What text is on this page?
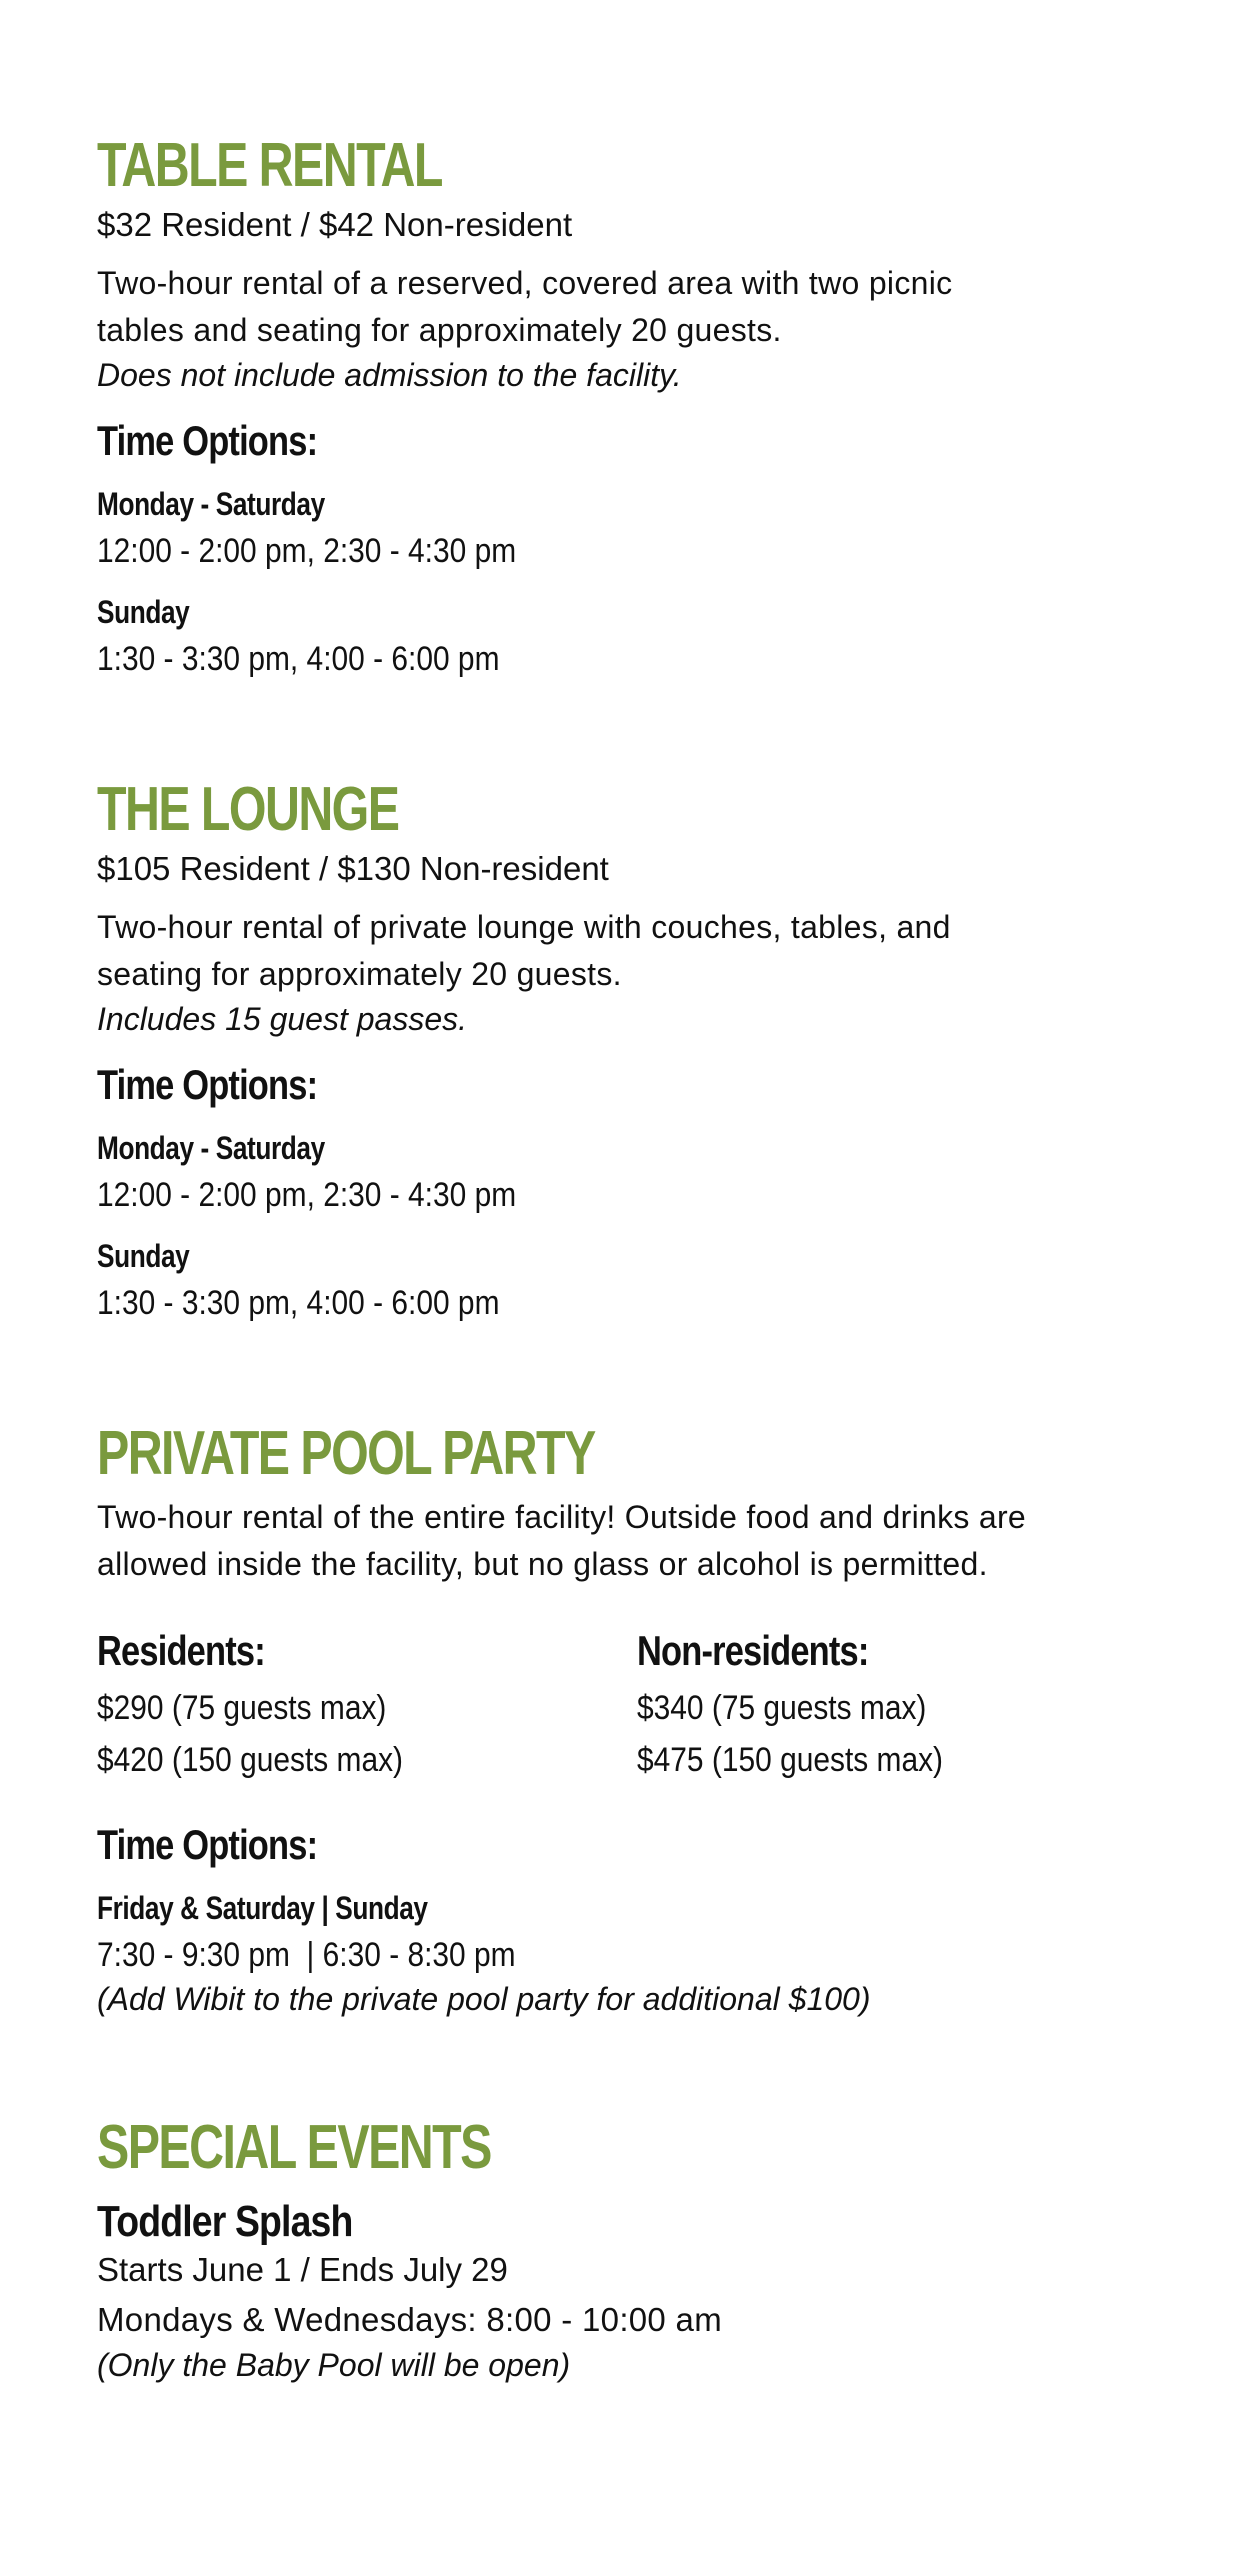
TABLE RENTAL
$32 Resident / $42 Non-resident
Two-hour rental of a reserved, covered area with two picnic
tables and seating for approximately 20 guests.
Does not include admission to the facility.
Time Options:
Monday - Saturday
12:00 - 2:00 pm, 2:30 - 4:30 pm
Sunday
1:30 - 3:30 pm, 4:00 - 6:00 pm
THE LOUNGE
$105 Resident / $130 Non-resident
Two-hour rental of private lounge with couches, tables, and
seating for approximately 20 guests.
Includes 15 guest passes.
Time Options:
Monday - Saturday
12:00 - 2:00 pm, 2:30 - 4:30 pm
Sunday
1:30 - 3:30 pm, 4:00 - 6:00 pm
PRIVATE POOL PARTY
Two-hour rental of the entire facility! Outside food and drinks are
allowed inside the facility, but no glass or alcohol is permitted.
Residents:
$290 (75 guests max)
$420 (150 guests max)
Non-residents:
$340 (75 guests max)
$475 (150 guests max)
Time Options:
Friday & Saturday | Sunday
7:30 - 9:30 pm  | 6:30 - 8:30 pm
(Add Wibit to the private pool party for additional $100)
SPECIAL EVENTS
Toddler Splash
Starts June 1 / Ends July 29
Mondays & Wednesdays: 8:00 - 10:00 am
(Only the Baby Pool will be open)
